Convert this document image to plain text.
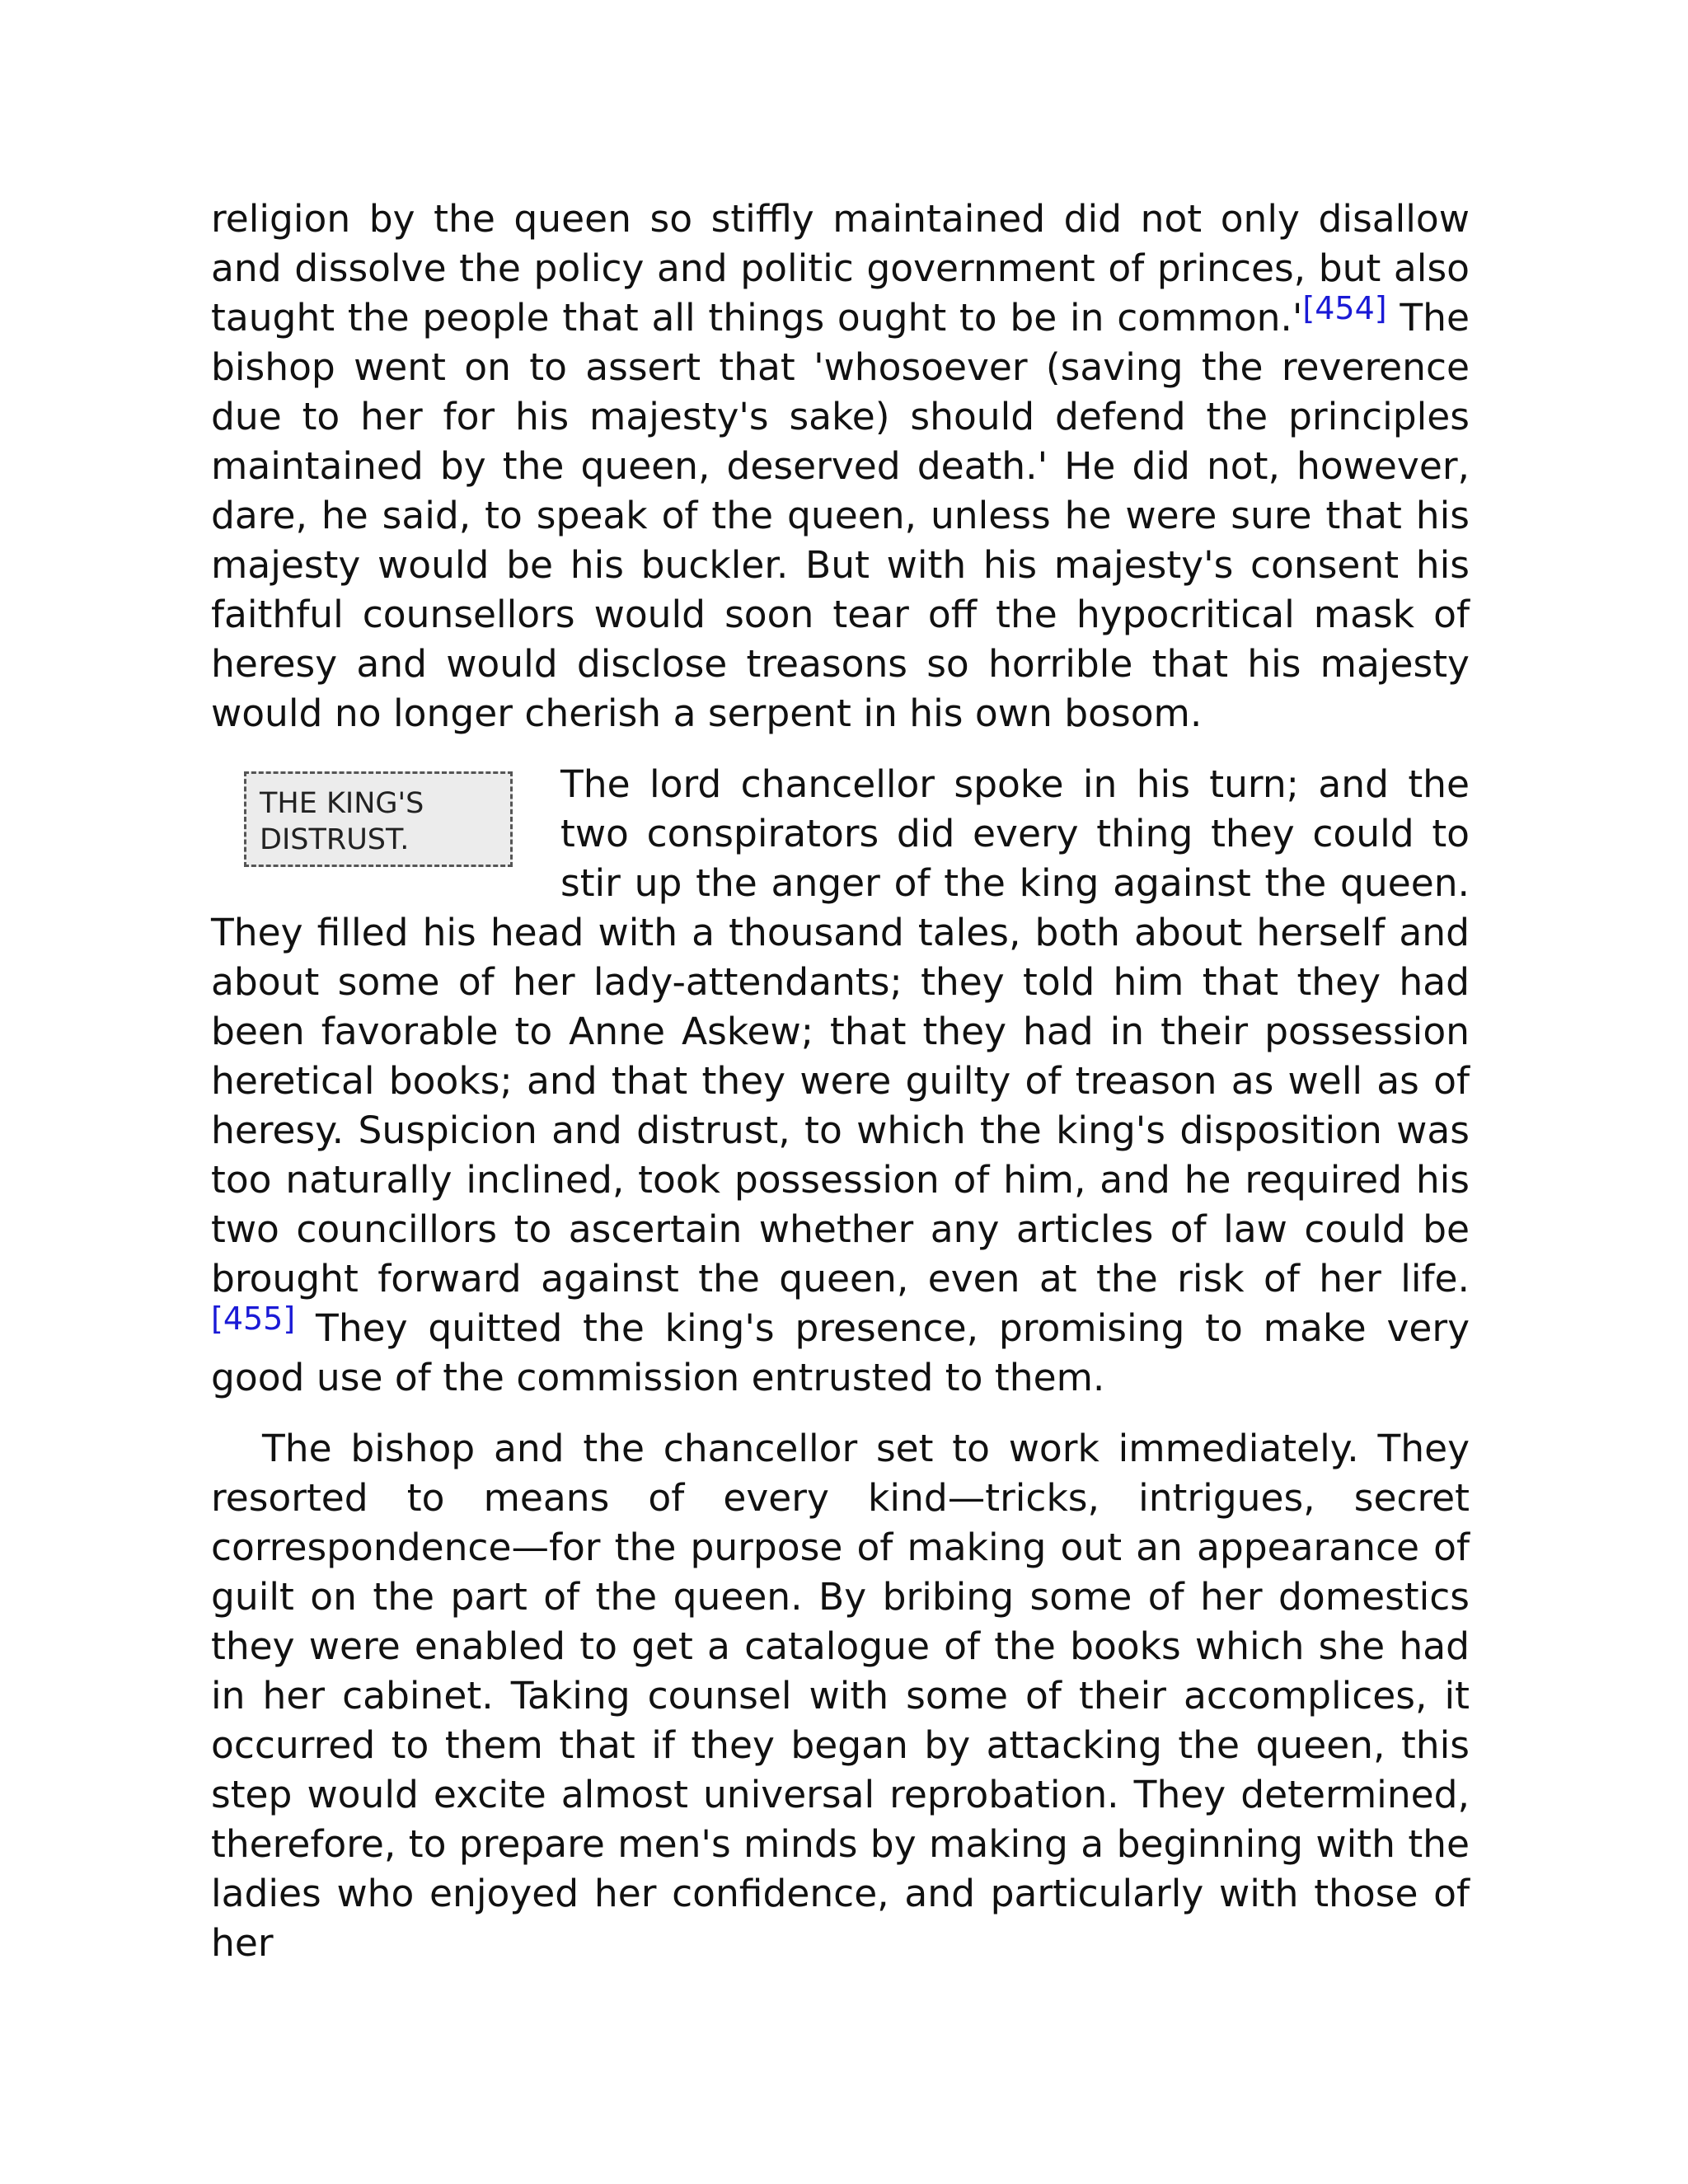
religion by the queen so stiffly maintained did not only disallow and dissolve the policy and politic government of princes, but also taught the people that all things ought to be in common.'[454] The bishop went on to assert that 'whosoever (saving the reverence due to her for his majesty's sake) should defend the principles maintained by the queen, deserved death.' He did not, however, dare, he said, to speak of the queen, unless he were sure that his majesty would be his buckler. But with his majesty's consent his faithful counsellors would soon tear off the hypocritical mask of heresy and would disclose treasons so horrible that his majesty would no longer cherish a serpent in his own bosom.

THE KING'S DISTRUST.
The lord chancellor spoke in his turn; and the two conspirators did every thing they could to stir up the anger of the king against the queen. They filled his head with a thousand tales, both about herself and about some of her lady-attendants; they told him that they had been favorable to Anne Askew; that they had in their possession heretical books; and that they were guilty of treason as well as of heresy. Suspicion and distrust, to which the king's disposition was too naturally inclined, took possession of him, and he required his two councillors to ascertain whether any articles of law could be brought forward against the queen, even at the risk of her life.[455] They quitted the king's presence, promising to make very good use of the commission entrusted to them.

The bishop and the chancellor set to work immediately. They resorted to means of every kind—tricks, intrigues, secret correspondence—for the purpose of making out an appearance of guilt on the part of the queen. By bribing some of her domestics they were enabled to get a catalogue of the books which she had in her cabinet. Taking counsel with some of their accomplices, it occurred to them that if they began by attacking the queen, this step would excite almost universal reprobation. They determined, therefore, to prepare men's minds by making a beginning with the ladies who enjoyed her confidence, and particularly with those of her
